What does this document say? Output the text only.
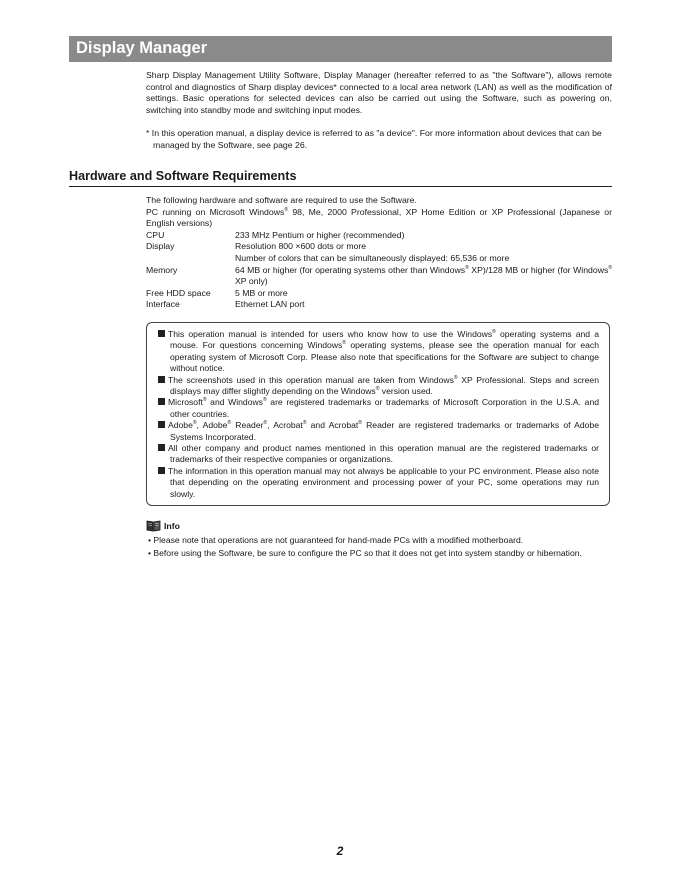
Display Manager

Sharp Display Management Utility Software, Display Manager (hereafter referred to as "the Software"), allows remote control and diagnostics of Sharp display devices* connected to a local area network (LAN) as well as the modification of settings. Basic operations for selected devices can also be carried out using the Software, such as powering on, switching into standby mode and switching input modes.

* In this operation manual, a display device is referred to as "a device". For more information about devices that can be managed by the Software, see page 26.

Hardware and Software Requirements

The following hardware and software are required to use the Software.

PC running on Microsoft Windows® 98, Me, 2000 Professional, XP Home Edition or XP Professional (Japanese or English versions)

CPU	233 MHz Pentium or higher (recommended)
Display	Resolution 800 ×600 dots or more
Number of colors that can be simultaneously displayed: 65,536 or more
Memory	64 MB or higher (for operating systems other than Windows® XP)/128 MB or higher (for Windows® XP only)
Free HDD space	5 MB or more
Interface	Ethernet LAN port

This operation manual is intended for users who know how to use the Windows® operating systems and a mouse. For questions concerning Windows® operating systems, please see the operation manual for each operating system of Microsoft Corp. Please also note that specifications for the Software are subject to change without notice.

The screenshots used in this operation manual are taken from Windows® XP Professional. Steps and screen displays may differ slightly depending on the Windows® version used.

Microsoft® and Windows® are registered trademarks or trademarks of Microsoft Corporation in the U.S.A. and other countries.

Adobe®, Adobe® Reader®, Acrobat® and Acrobat® Reader are registered trademarks or trademarks of Adobe Systems Incorporated.

All other company and product names mentioned in this operation manual are the registered trademarks or trademarks of their respective companies or organizations.

The information in this operation manual may not always be applicable to your PC environment. Please also note that depending on the operating environment and processing power of your PC, some operations may run slowly.

Info
• Please note that operations are not guaranteed for hand-made PCs with a modified motherboard.
• Before using the Software, be sure to configure the PC so that it does not get into system standby or hibernation.
2
